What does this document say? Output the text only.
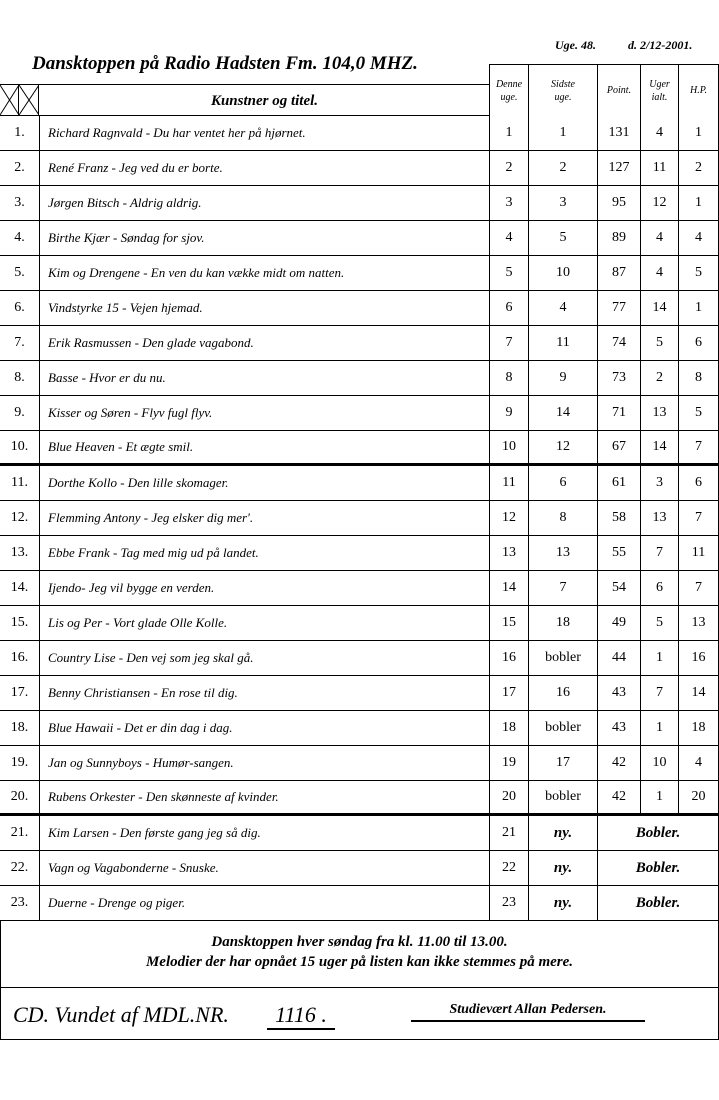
Uge. 48.	d. 2/12-2001.
Dansktoppen på Radio Hadsten Fm. 104,0 MHZ.
Kunstner og titel.
Denne
uge.
Sidste
uge.
Point.
Uger
ialt.
H.P.
1.	Richard Ragnvald - Du har ventet her på hjørnet.	1	1	131	4	1
2.	René Franz - Jeg ved du er borte.	2	2	127	11	2
3.	Jørgen Bitsch - Aldrig aldrig.	3	3	95	12	1
4.	Birthe Kjær - Søndag for sjov.	4	5	89	4	4
5.	Kim og Drengene - En ven du kan vække midt om natten.	5	10	87	4	5
6.	Vindstyrke 15 - Vejen hjemad.	6	4	77	14	1
7.	Erik Rasmussen - Den glade vagabond.	7	11	74	5	6
8.	Basse - Hvor er du nu.	8	9	73	2	8
9.	Kisser og Søren - Flyv fugl flyv.	9	14	71	13	5
10.	Blue Heaven - Et ægte smil.	10	12	67	14	7
11.	Dorthe Kollo - Den lille skomager.	11	6	61	3	6
12.	Flemming Antony - Jeg elsker dig mer'.	12	8	58	13	7
13.	Ebbe Frank - Tag med mig ud på landet.	13	13	55	7	11
14.	Ijendo- Jeg vil bygge en verden.	14	7	54	6	7
15.	Lis og Per - Vort glade Olle Kolle.	15	18	49	5	13
16.	Country Lise - Den vej som jeg skal gå.	16	bobler	44	1	16
17.	Benny Christiansen - En rose til dig.	17	16	43	7	14
18.	Blue Hawaii - Det er din dag i dag.	18	bobler	43	1	18
19.	Jan og Sunnyboys - Humør-sangen.	19	17	42	10	4
20.	Rubens Orkester - Den skønneste af kvinder.	20	bobler	42	1	20
21.	Kim Larsen - Den første gang jeg så dig.	21	ny.	Bobler.
22.	Vagn og Vagabonderne - Snuske.	22	ny.	Bobler.
23.	Duerne - Drenge og piger.	23	ny.	Bobler.
Dansktoppen hver søndag fra kl. 11.00 til 13.00.
Melodier der har opnået 15 uger på listen kan ikke stemmes på mere.
CD. Vundet af MDL.NR.	1116 .	Studievært Allan Pedersen.
